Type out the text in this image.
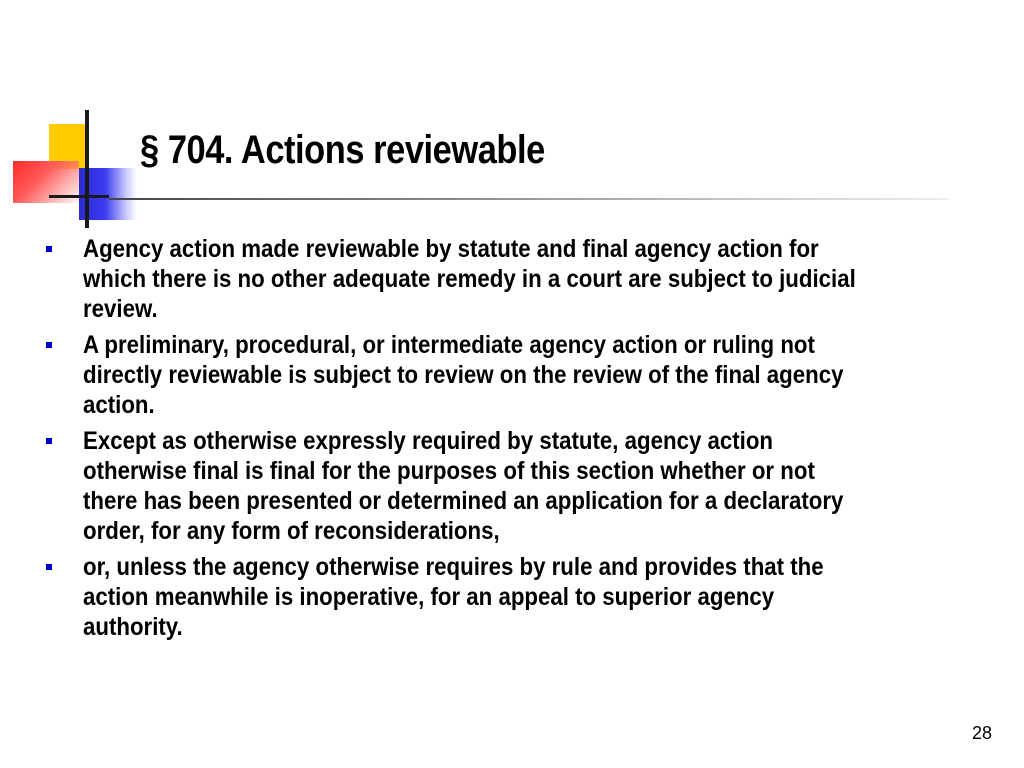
§ 704. Actions reviewable
Agency action made reviewable by statute and final agency action for
which there is no other adequate remedy in a court are subject to judicial
review.
A preliminary, procedural, or intermediate agency action or ruling not
directly reviewable is subject to review on the review of the final agency
action.
Except as otherwise expressly required by statute, agency action
otherwise final is final for the purposes of this section whether or not
there has been presented or determined an application for a declaratory
order, for any form of reconsiderations,
or, unless the agency otherwise requires by rule and provides that the
action meanwhile is inoperative, for an appeal to superior agency
authority.
28
